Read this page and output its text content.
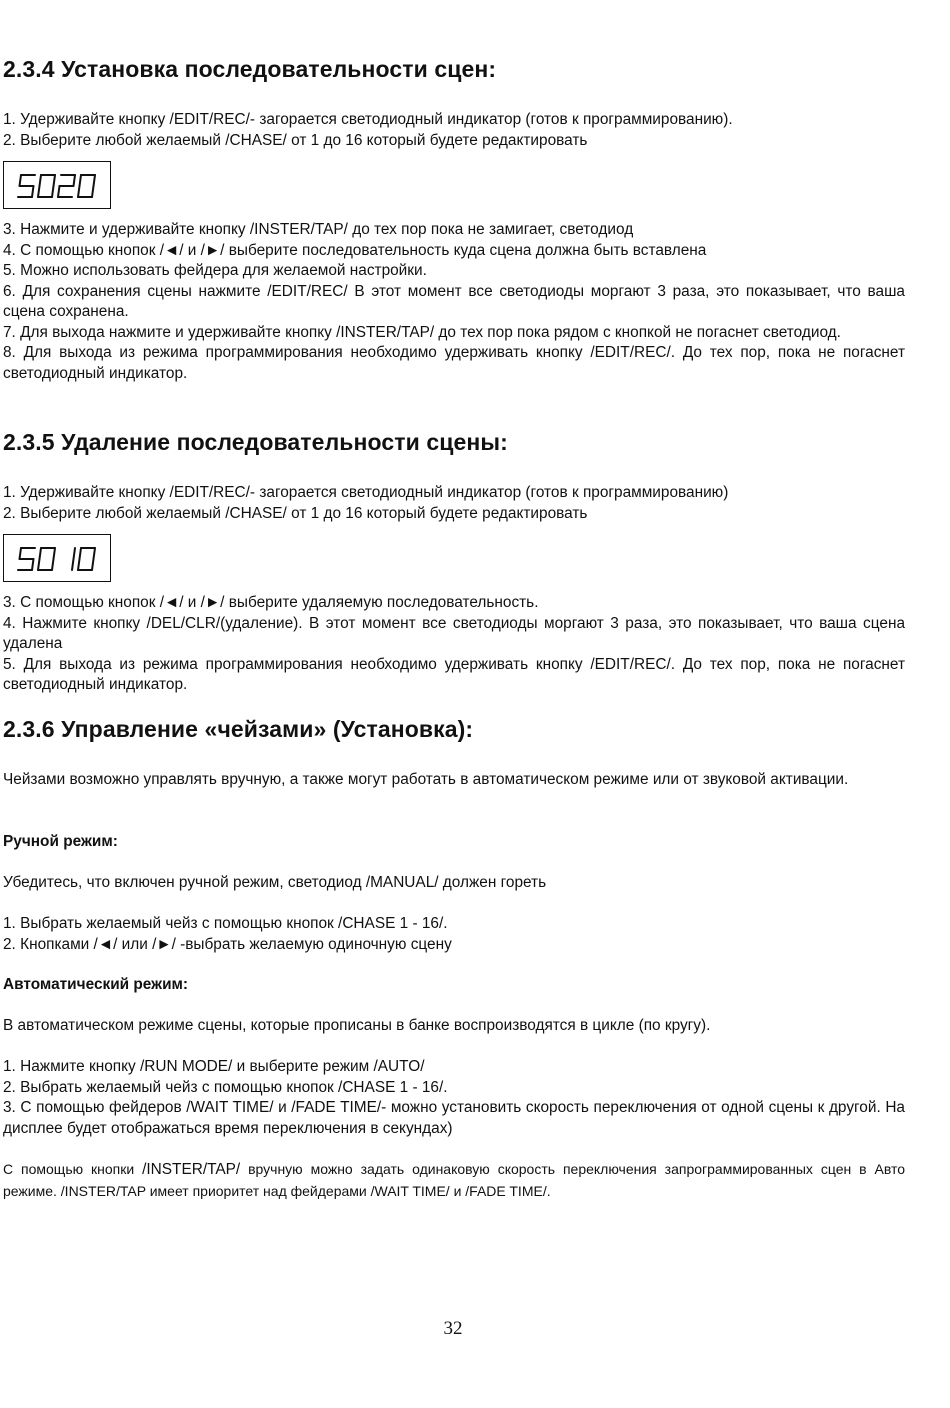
2.3.4 Установка последовательности сцен:

1. Удерживайте кнопку /EDIT/REC/- загорается светодиодный индикатор (готов к программированию).

2. Выберите любой желаемый /CHASE/ от 1 до 16 который будете редактировать

3. Нажмите и удерживайте кнопку /INSTER/TAP/ до тех пор пока не замигает, светодиод

4. С помощью кнопок /◄/ и /►/ выберите последовательность куда сцена должна быть вставлена

5. Можно использовать фейдера для желаемой настройки.

6. Для сохранения сцены нажмите /EDIT/REC/ В этот момент все светодиоды моргают 3 раза, это показывает, что ваша сцена сохранена.

7. Для выхода нажмите и удерживайте кнопку /INSTER/TAP/ до тех пор пока рядом с кнопкой не погаснет светодиод.

8. Для выхода из режима программирования необходимо удерживать кнопку /EDIT/REC/. До тех пор, пока не погаснет светодиодный индикатор.

2.3.5 Удаление последовательности сцены:

1. Удерживайте кнопку /EDIT/REC/- загорается светодиодный индикатор (готов к программированию)

2. Выберите любой желаемый /CHASE/ от 1 до 16 который будете редактировать

3. С помощью кнопок /◄/ и /►/ выберите удаляемую последовательность.

4. Нажмите кнопку /DEL/CLR/(удаление). В этот момент все светодиоды моргают 3 раза, это показывает, что ваша сцена удалена

5. Для выхода из режима программирования необходимо удерживать кнопку /EDIT/REC/. До тех пор, пока не погаснет светодиодный индикатор.

2.3.6 Управление «чейзами» (Установка):

Чейзами возможно управлять вручную, а также могут работать в автоматическом режиме или от звуковой активации.

Ручной режим:
Убедитесь, что включен ручной режим, светодиод /MANUAL/ должен гореть

1. Выбрать желаемый чейз с помощью кнопок /CHASE 1 - 16/.

2. Кнопками /◄/ или /►/ -выбрать желаемую одиночную сцену

Автоматический режим:
В автоматическом режиме сцены, которые прописаны в банке воспроизводятся в цикле (по кругу).

1. Нажмите кнопку /RUN MODE/ и выберите режим /AUTO/

2. Выбрать желаемый чейз с помощью кнопок /CHASE 1 - 16/.

3. С помощью фейдеров /WAIT TIME/ и /FADE TIME/- можно установить скорость переключения от одной сцены к другой. На дисплее будет отображаться время переключения в секундах)

С помощью кнопки /INSTER/TAP/ вручную можно задать одинаковую скорость переключения запрограммированных сцен в Авто режиме. /INSTER/TAP имеет приоритет над фейдерами /WAIT TIME/ и /FADE TIME/.
32
